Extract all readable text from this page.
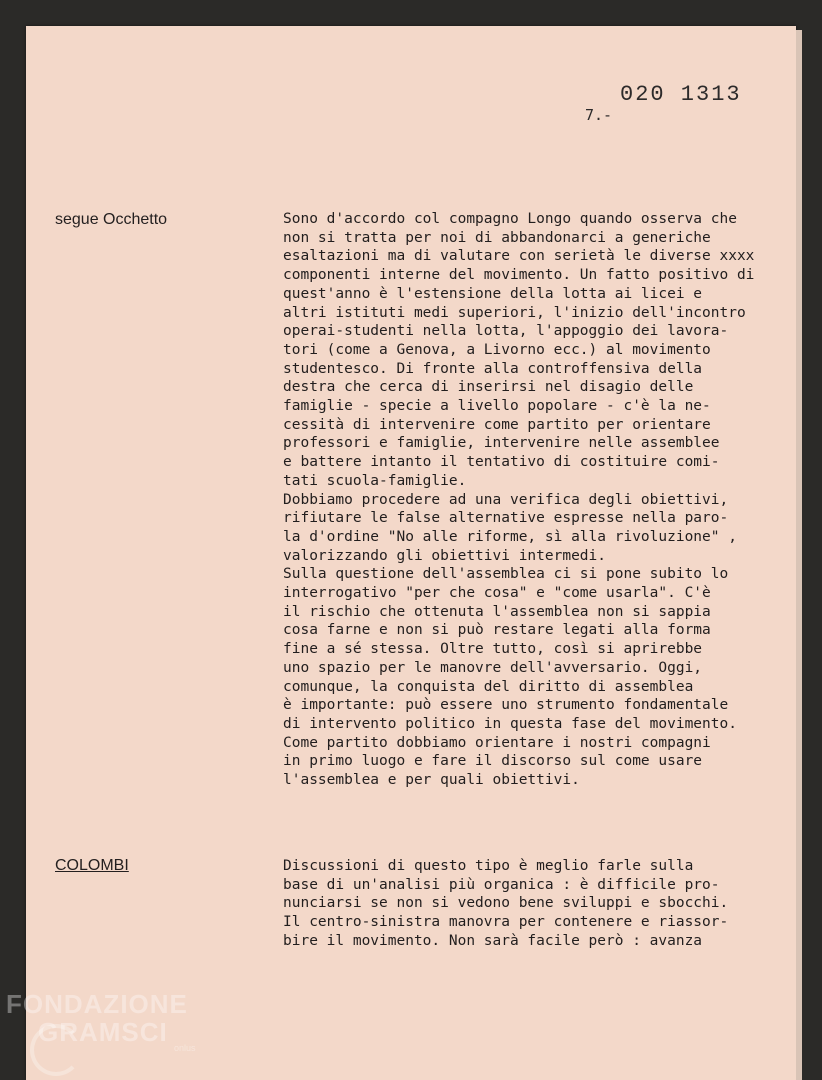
020 1313
7.-
segue Occhetto	Sono d'accordo col compagno Longo quando osserva che
non si tratta per noi di abbandonarci a generiche
esaltazioni ma di valutare con serietà le diverse xxxx
componenti interne del movimento. Un fatto positivo di
quest'anno è l'estensione della lotta ai licei e
altri istituti medi superiori, l'inizio dell'incontro
operai-studenti nella lotta, l'appoggio dei lavora-
tori (come a Genova, a Livorno ecc.) al movimento
studentesco. Di fronte alla controffensiva della
destra che cerca di inserirsi nel disagio delle
famiglie - specie a livello popolare - c'è la ne-
cessità di intervenire come partito per orientare
professori e famiglie, intervenire nelle assemblee
e battere intanto il tentativo di costituire comi-
tati scuola-famiglie.
Dobbiamo procedere ad una verifica degli obiettivi,
rifiutare le false alternative espresse nella paro-
la d'ordine "No alle riforme, sì alla rivoluzione" ,
valorizzando gli obiettivi intermedi.
Sulla questione dell'assemblea ci si pone subito lo
interrogativo "per che cosa" e "come usarla". C'è
il rischio che ottenuta l'assemblea non si sappia
cosa farne e non si può restare legati alla forma
fine a sé stessa. Oltre tutto, così si aprirebbe
uno spazio per le manovre dell'avversario. Oggi,
comunque, la conquista del diritto di assemblea
è importante: può essere uno strumento fondamentale
di intervento politico in questa fase del movimento.
Come partito dobbiamo orientare i nostri compagni
in primo luogo e fare il discorso sul come usare
l'assemblea e per quali obiettivi.
COLOMBI	Discussioni di questo tipo è meglio farle sulla
base di un'analisi più organica : è difficile pro-
nunciarsi se non si vedono bene sviluppi e sbocchi.
Il centro-sinistra manovra per contenere e riassor-
bire il movimento. Non sarà facile però : avanza
FONDAZIONE
GRAMSCI
onlus
